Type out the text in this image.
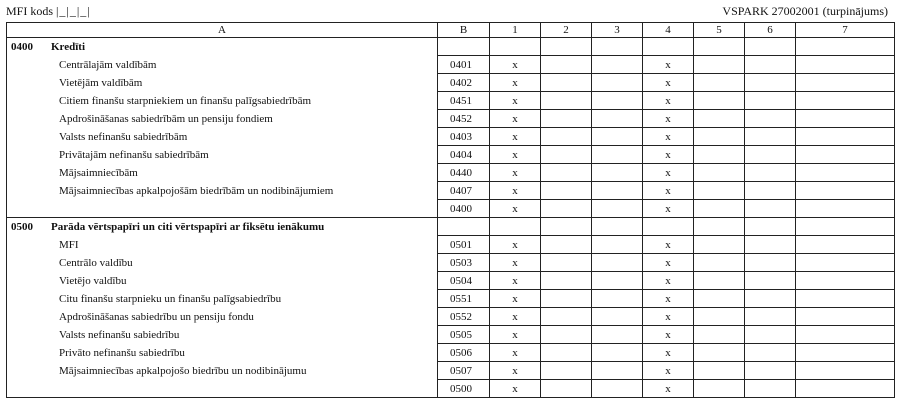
MFI kods |_|_|_|	VSPARK 27002001 (turpinājums)
A	B	1	2	3	4	5	6	7
0400 Kredīti								
Centrālajām valdībām	0401	x			x			
Vietējām valdībām	0402	x			x			
Citiem finanšu starpniekiem un finanšu palīgsabiedrībām	0451	x			x			
Apdrošināšanas sabiedrībām un pensiju fondiem	0452	x			x			
Valsts nefinanšu sabiedrībām	0403	x			x			
Privātajām nefinanšu sabiedrībām	0404	x			x			
Mājsaimniecībām	0440	x			x			
Mājsaimniecības apkalpojošām biedrībām un nodibinājumiem	0407	x			x			
	0400	x			x			
0500 Parāda vērtspapīri un citi vērtspapīri ar fiksētu ienākumu								
MFI	0501	x			x			
Centrālo valdību	0503	x			x			
Vietējo valdību	0504	x			x			
Citu finanšu starpnieku un finanšu palīgsabiedrību	0551	x			x			
Apdrošināšanas sabiedrību un pensiju fondu	0552	x			x			
Valsts nefinanšu sabiedrību	0505	x			x			
Privāto nefinanšu sabiedrību	0506	x			x			
Mājsaimniecības apkalpojošo biedrību un nodibinājumu	0507	x			x			
	0500	x			x			
